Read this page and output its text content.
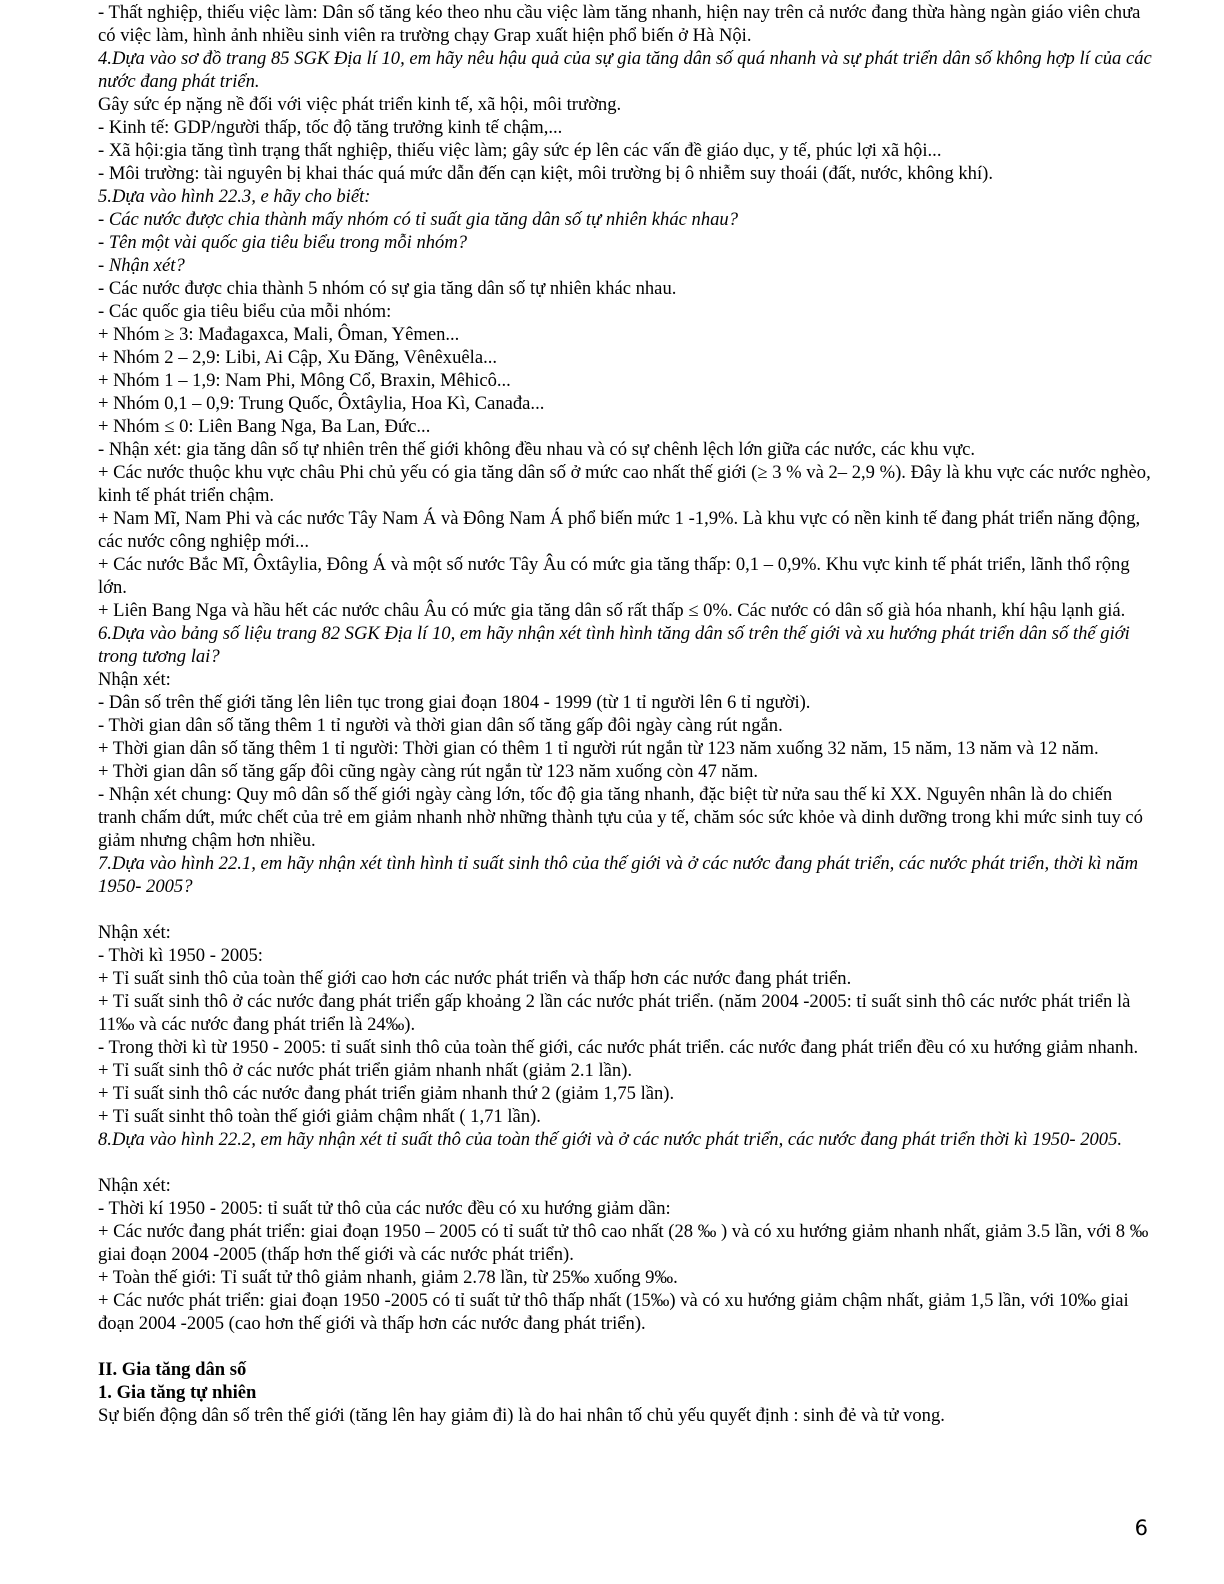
- Thất nghiệp, thiếu việc làm: Dân số tăng kéo theo nhu cầu việc làm tăng nhanh, hiện nay trên cả nước đang thừa hàng ngàn giáo viên chưa có việc làm, hình ảnh nhiều sinh viên ra trường chạy Grap xuất hiện phổ biến ở Hà Nội.

4.Dựa vào sơ đồ trang 85 SGK Địa lí 10, em hãy nêu hậu quả của sự gia tăng dân số quá nhanh và sự phát triển dân số không hợp lí của các nước đang phát triển.

Gây sức ép nặng nề đối với việc phát triển kinh tế, xã hội, môi trường.

- Kinh tế: GDP/người thấp, tốc độ tăng trưởng kinh tế chậm,...

- Xã hội:gia tăng tình trạng thất nghiệp, thiếu việc làm; gây sức ép lên các vấn đề giáo dục, y tế, phúc lợi xã hội...

- Môi trường: tài nguyên bị khai thác quá mức dẫn đến cạn kiệt, môi trường bị ô nhiễm suy thoái (đất, nước, không khí).

5.Dựa vào hình 22.3, e hãy cho biết:

- Các nước được chia thành mấy nhóm có tỉ suất gia tăng dân số tự nhiên khác nhau?

- Tên một vài quốc gia tiêu biểu trong mỗi nhóm?

- Nhận xét?

- Các nước được chia thành 5 nhóm có sự gia tăng dân số tự nhiên khác nhau.

- Các quốc gia tiêu biểu của mỗi nhóm:

+ Nhóm ≥ 3: Mađagaxca, Mali, Ôman, Yêmen...

+ Nhóm 2 – 2,9: Libi, Ai Cập, Xu Đăng, Vênêxuêla...

+ Nhóm 1 – 1,9: Nam Phi, Mông Cổ, Braxin, Mêhicô...

+ Nhóm 0,1 – 0,9: Trung Quốc, Ôxtâylia, Hoa Kì, Canađa...

+ Nhóm ≤ 0: Liên Bang Nga, Ba Lan, Đức...

- Nhận xét: gia tăng dân số tự nhiên trên thế giới không đều nhau và có sự chênh lệch lớn giữa các nước, các khu vực.

+ Các nước thuộc khu vực châu Phi chủ yếu có gia tăng dân số ở mức cao nhất thế giới (≥ 3 % và 2– 2,9 %). Đây là khu vực các nước nghèo, kinh tế phát triển chậm.

+ Nam Mĩ, Nam Phi và các nước Tây Nam Á và Đông Nam Á phổ biến mức 1 -1,9%. Là khu vực có nền kinh tế đang phát triển năng động, các nước công nghiệp mới...

+ Các nước Bắc Mĩ, Ôxtâylia, Đông Á và một số nước Tây Âu có mức gia tăng thấp: 0,1 – 0,9%. Khu vực kinh tế phát triển, lãnh thổ rộng lớn.

+ Liên Bang Nga và hầu hết các nước châu Âu có mức gia tăng dân số rất thấp ≤ 0%. Các nước có dân số già hóa nhanh, khí hậu lạnh giá.

6.Dựa vào bảng số liệu trang 82 SGK Địa lí 10, em hãy nhận xét tình hình tăng dân số trên thế giới và xu hướng phát triển dân số thế giới trong tương lai?

Nhận xét:

- Dân số trên thế giới tăng lên liên tục trong giai đoạn 1804 - 1999 (từ 1 tỉ người lên 6 tỉ người).

- Thời gian dân số tăng thêm 1 tỉ người và thời gian dân số tăng gấp đôi ngày càng rút ngắn.

+ Thời gian dân số tăng thêm 1 tỉ người: Thời gian có thêm 1 tỉ người rút ngắn từ 123 năm xuống 32 năm, 15 năm, 13 năm và 12 năm.

+ Thời gian dân số tăng gấp đôi cũng ngày càng rút ngắn từ 123 năm xuống còn 47 năm.

- Nhận xét chung: Quy mô dân số thế giới ngày càng lớn, tốc độ gia tăng nhanh, đặc biệt từ nửa sau thế kỉ XX. Nguyên nhân là do chiến tranh chấm dứt, mức chết của trẻ em giảm nhanh nhờ những thành tựu của y tế, chăm sóc sức khỏe và dinh dưỡng trong khi mức sinh tuy có giảm nhưng chậm hơn nhiều.

7.Dựa vào hình 22.1, em hãy nhận xét tình hình tỉ suất sinh thô của thế giới và ở các nước đang phát triển, các nước phát triển, thời kì năm 1950- 2005?

Nhận xét:

- Thời kì 1950 - 2005:

+ Tỉ suất sinh thô của toàn thế giới cao hơn các nước phát triển và thấp hơn các nước đang phát triển.

+ Tỉ suất sinh thô ở các nước đang phát triển gấp khoảng 2 lần các nước phát triển. (năm 2004 -2005: tỉ suất sinh thô các nước phát triển là 11‰ và các nước đang phát triển là 24‰).

- Trong thời kì từ 1950 - 2005: tỉ suất sinh thô của toàn thế giới, các nước phát triển. các nước đang phát triển đều có xu hướng giảm nhanh.

+ Tỉ suất sinh thô ở các nước phát triển giảm nhanh nhất (giảm 2.1 lần).

+ Tỉ suất sinh thô các nước đang phát triển giảm nhanh thứ 2 (giảm 1,75 lần).

+ Tỉ suất sinht thô toàn thế giới giảm chậm nhất ( 1,71 lần).

8.Dựa vào hình 22.2, em hãy nhận xét tỉ suất thô của toàn thế giới và ở các nước phát triển, các nước đang phát triển thời kì 1950- 2005.

Nhận xét:

- Thời kí 1950 - 2005: tỉ suất tử thô của các nước đều có xu hướng giảm dần:

+ Các nước đang phát triển: giai đoạn 1950 – 2005 có tỉ suất tử thô cao nhất (28 ‰ ) và có xu hướng giảm nhanh nhất, giảm 3.5 lần, với 8 ‰ giai đoạn 2004 -2005 (thấp hơn thế giới và các nước phát triển).

+ Toàn thế giới: Tỉ suất tử thô giảm nhanh, giảm 2.78 lần, từ 25‰ xuống 9‰.

+ Các nước phát triển: giai đoạn 1950 -2005 có tỉ suất tử thô thấp nhất (15‰) và có xu hướng giảm chậm nhất, giảm 1,5 lần, với 10‰ giai đoạn 2004 -2005 (cao hơn thế giới và thấp hơn các nước đang phát triển).

II. Gia tăng dân số

1. Gia tăng tự nhiên

Sự biến động dân số trên thế giới (tăng lên hay giảm đi) là do hai nhân tố chủ yếu quyết định : sinh đẻ và tử vong.

6
